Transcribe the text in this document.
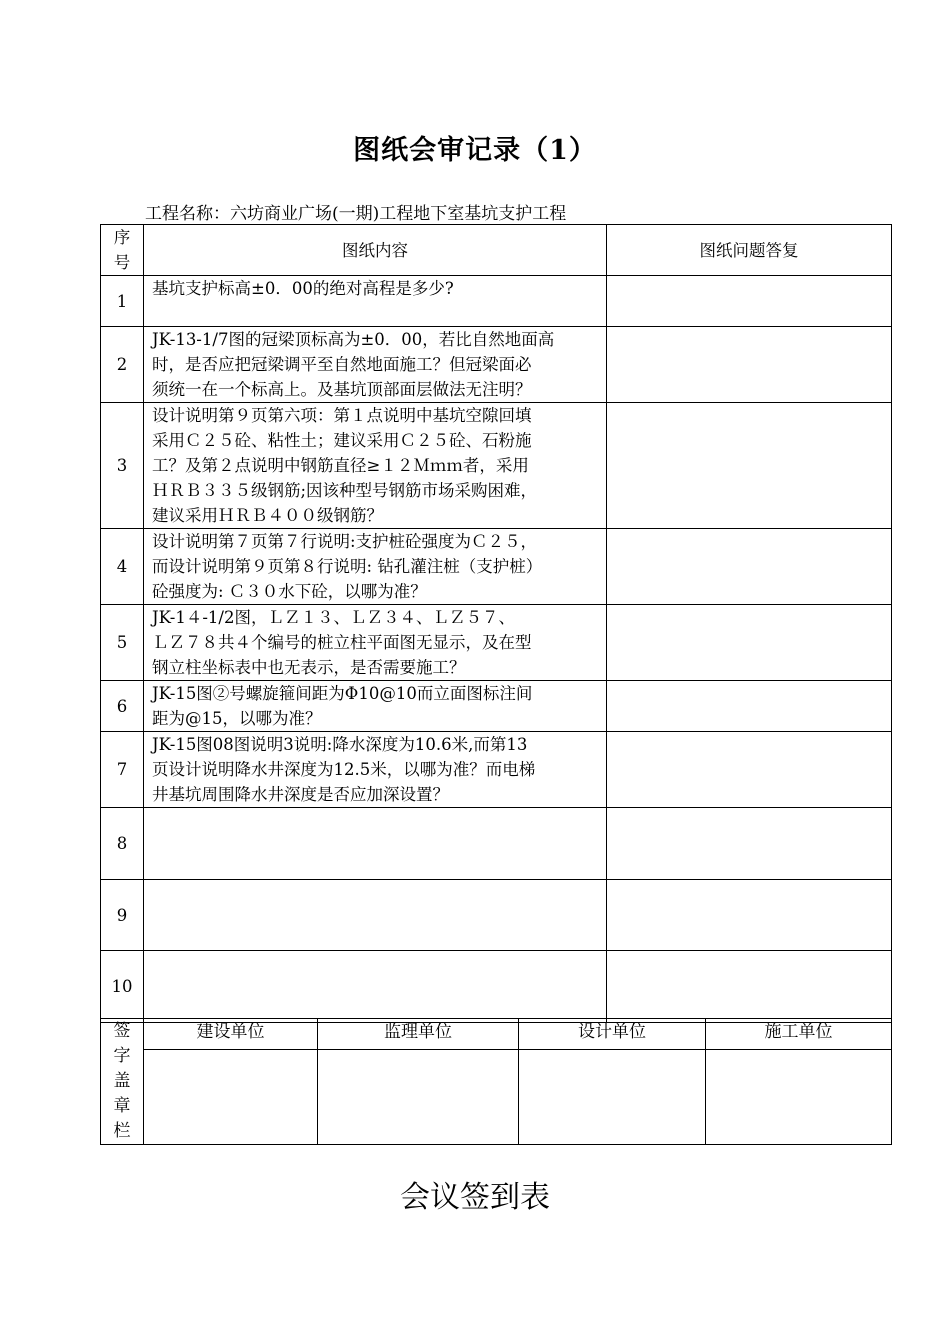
图纸会审记录（1）
工程名称：六坊商业广场(一期)工程地下室基坑支护工程
序
号	图纸内容	图纸问题答复
1	基坑支护标高±0．00的绝对高程是多少?	

2	JK-13-1/7图的冠梁顶标高为±0．00，若比自然地面高
时，是否应把冠梁调平至自然地面施工？但冠梁面必
须统一在一个标高上。及基坑顶部面层做法无注明？	

3	设计说明第９页第六项：第１点说明中基坑空隙回填
采用Ｃ２５砼、粘性土；建议采用Ｃ２５砼、石粉施
工？及第２点说明中钢筋直径≥１２Ｍｍｍ者，采用
ＨＲＢ３３５级钢筋;因该种型号钢筋市场采购困难，
建议采用ＨＲＢ４００级钢筋？	

4	设计说明第７页第７行说明:支护桩砼强度为Ｃ２５，
而设计说明第９页第８行说明: 钻孔灌注桩（支护桩）
砼强度为: Ｃ３０水下砼，以哪为准？	

5	JK-1４-1/2图，ＬＺ１３、ＬＺ３４、ＬＺ５７、
ＬＺ７８共４个编号的桩立柱平面图无显示，及在型
钢立柱坐标表中也无表示，是否需要施工？	

6	JK-15图②号螺旋箍间距为Φ10@10而立面图标注间
距为@15，以哪为准？	

7	JK-15图08图说明3说明:降水深度为10.6米,而第13
页设计说明降水井深度为12.5米，以哪为准？而电梯
井基坑周围降水井深度是否应加深设置？	

8		
9		
10		
签
字
盖
章
栏	建设单位	监理单位	设计单位	施工单位

会议签到表
